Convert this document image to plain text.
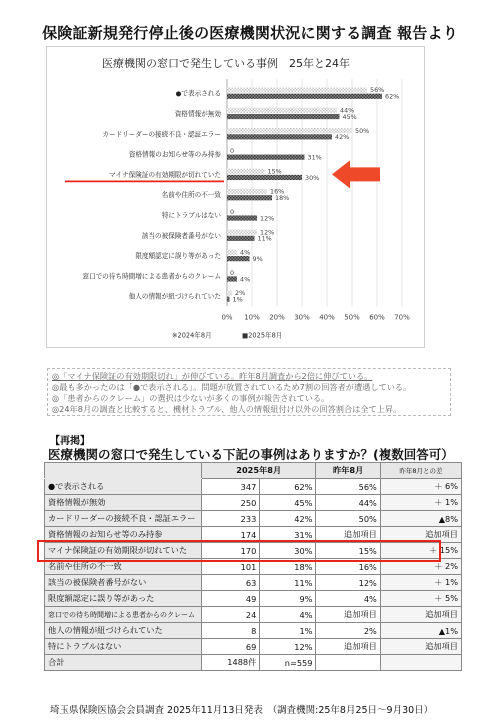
保険証新規発行停止後の医療機関状況に関する調査 報告より
医療機関の窓口で発生している事例　25年と24年
0% 10% 20% 30% 40% 50% 60% 70%
●で表示される	56%
62%
資格情報が無効	44%
45%
カードリーダーの接続不良・認証エラー	50%
42%
資格情報のお知らせ等のみ持参 0
31%
マイナ保険証の有効期限が切れていた	15%
30%
名前や住所の不一致	16%
18%
特にトラブルはない 0
12%
該当の被保険者番号がない	12%
11%
限度額認定に誤り等があった	4%
9%
窓口での待ち時間増による患者からのクレーム 0
4%
他人の情報が紐づけられていた 2%
1%
※2024年8月	■2025年8月

◎「マイナ保険証の有効期限切れ」が伸びている。昨年8月調査から2倍に伸びている。

◎最も多かったのは「●で表示される」。問題が放置されているため7割の回答者が遭遇している。

◎「患者からのクレーム」の選択は少ないが多くの事例が報告されている。

◎24年8月の調査と比較すると、機材トラブル、他人の情報紐付け以外の回答割合は全て上昇。

【再掲】
医療機関の窓口で発生している下記の事例はありますか？(複数回答可）
	2025年8月		昨年8月	昨年8月との差
●で表示される	347	62%	56%	＋ 6%
資格情報が無効	250	45%	44%	＋ 1%
カードリーダーの接続不良・認証エラー	233	42%	50%	▲8%
資格情報のお知らせ等のみ持参	174	31%	追加項目	追加項目
マイナ保険証の有効期限が切れていた	170	30%	15%	＋ 15%
名前や住所の不一致	101	18%	16%	＋ 2%
該当の被保険者番号がない	63	11%	12%	＋ 1%
限度額認定に誤り等があった	49	9%	4%	＋ 5%
窓口での待ち時間増による患者からのクレーム	24	4%	追加項目	追加項目
他人の情報が紐づけられていた	8	1%	2%	▲1%
特にトラブルはない	69	12%	追加項目	追加項目
合計	1488件	n=559		
埼玉県保険医協会会員調査 2025年11月13日発表　（調査機関:25年8月25日～9月30日）
